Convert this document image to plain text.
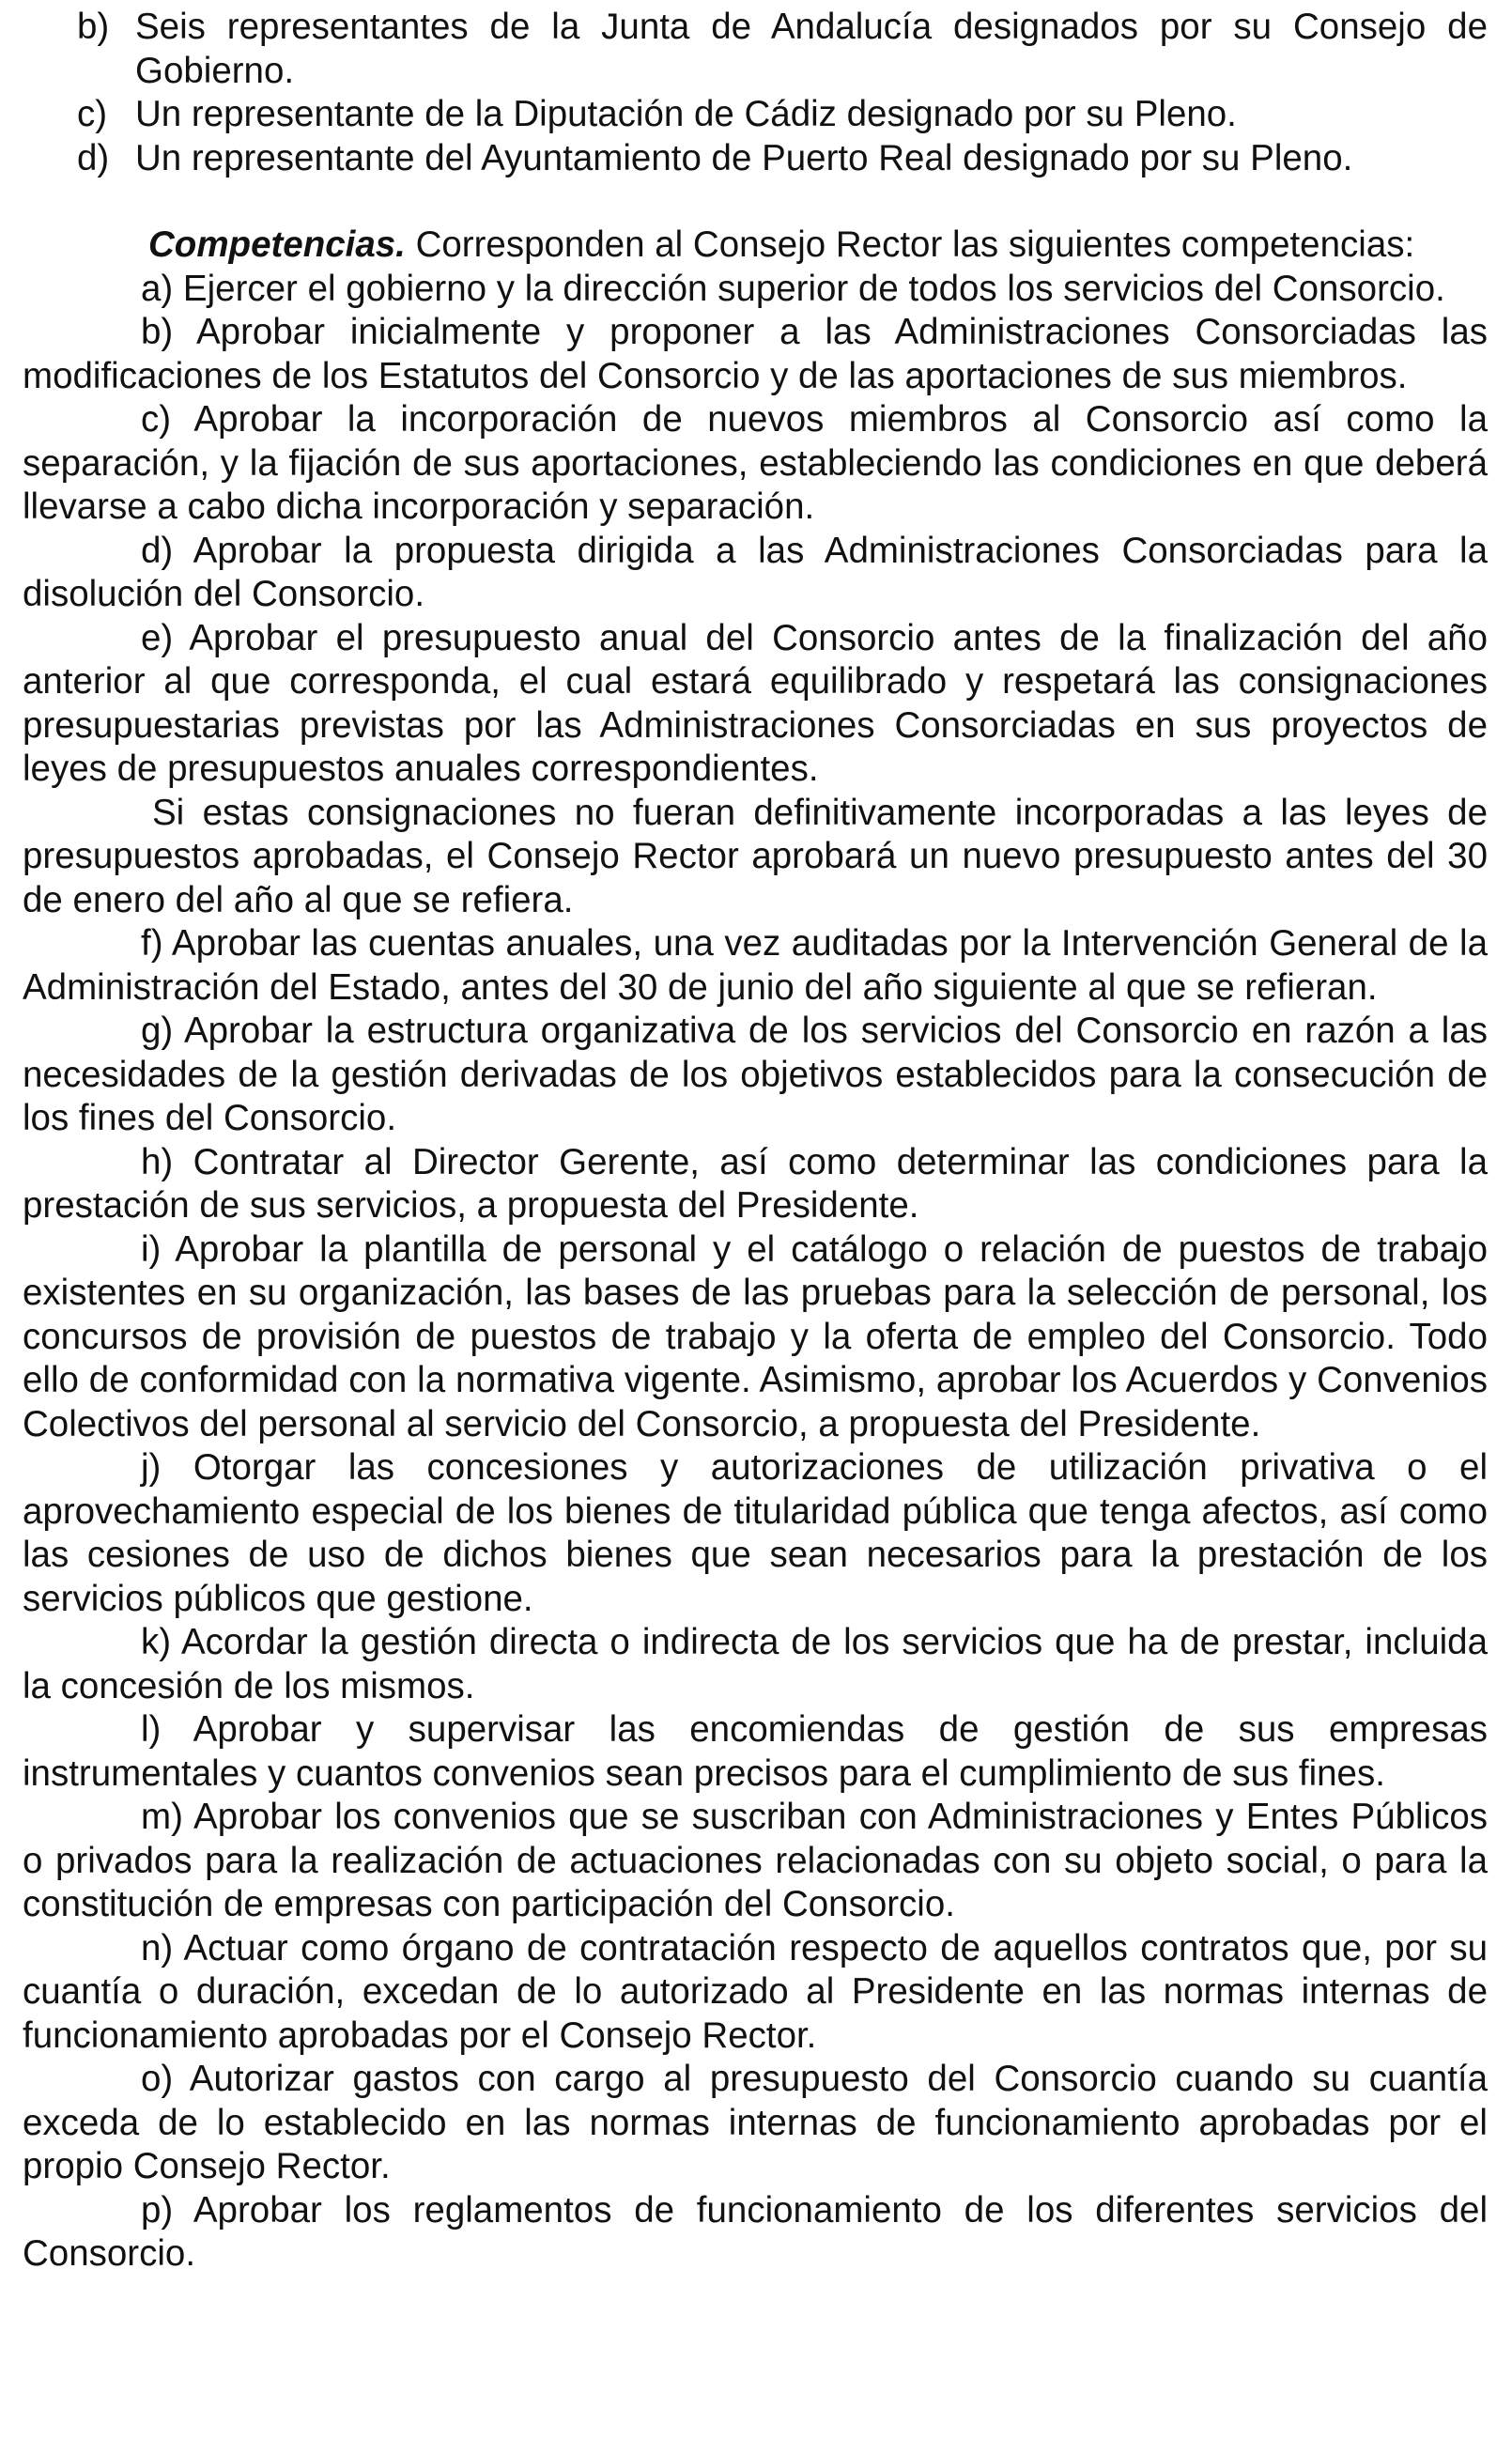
b) Seis representantes de la Junta de Andalucía designados por su Consejo de Gobierno.
c) Un representante de la Diputación de Cádiz designado por su Pleno.
d) Un representante del Ayuntamiento de Puerto Real designado por su Pleno.
Competencias. Corresponden al Consejo Rector las siguientes competencias:
a) Ejercer el gobierno y la dirección superior de todos los servicios del Consorcio.
b) Aprobar inicialmente y proponer a las Administraciones Consorciadas las modificaciones de los Estatutos del Consorcio y de las aportaciones de sus miembros.
c) Aprobar la incorporación de nuevos miembros al Consorcio así como la separación, y la fijación de sus aportaciones, estableciendo las condiciones en que deberá llevarse a cabo dicha incorporación y separación.
d) Aprobar la propuesta dirigida a las Administraciones Consorciadas para la disolución del Consorcio.
e) Aprobar el presupuesto anual del Consorcio antes de la finalización del año anterior al que corresponda, el cual estará equilibrado y respetará las consignaciones presupuestarias previstas por las Administraciones Consorciadas en sus proyectos de leyes de presupuestos anuales correspondientes.
Si estas consignaciones no fueran definitivamente incorporadas a las leyes de presupuestos aprobadas, el Consejo Rector aprobará un nuevo presupuesto antes del 30 de enero del año al que se refiera.
f) Aprobar las cuentas anuales, una vez auditadas por la Intervención General de la Administración del Estado, antes del 30 de junio del año siguiente al que se refieran.
g) Aprobar la estructura organizativa de los servicios del Consorcio en razón a las necesidades de la gestión derivadas de los objetivos establecidos para la consecución de los fines del Consorcio.
h) Contratar al Director Gerente, así como determinar las condiciones para la prestación de sus servicios, a propuesta del Presidente.
i) Aprobar la plantilla de personal y el catálogo o relación de puestos de trabajo existentes en su organización, las bases de las pruebas para la selección de personal, los concursos de provisión de puestos de trabajo y la oferta de empleo del Consorcio. Todo ello de conformidad con la normativa vigente. Asimismo, aprobar los Acuerdos y Convenios Colectivos del personal al servicio del Consorcio, a propuesta del Presidente.
j) Otorgar las concesiones y autorizaciones de utilización privativa o el aprovechamiento especial de los bienes de titularidad pública que tenga afectos, así como las cesiones de uso de dichos bienes que sean necesarios para la prestación de los servicios públicos que gestione.
k) Acordar la gestión directa o indirecta de los servicios que ha de prestar, incluida la concesión de los mismos.
l) Aprobar y supervisar las encomiendas de gestión de sus empresas instrumentales y cuantos convenios sean precisos para el cumplimiento de sus fines.
m) Aprobar los convenios que se suscriban con Administraciones y Entes Públicos o privados para la realización de actuaciones relacionadas con su objeto social, o para la constitución de empresas con participación del Consorcio.
n) Actuar como órgano de contratación respecto de aquellos contratos que, por su cuantía o duración, excedan de lo autorizado al Presidente en las normas internas de funcionamiento aprobadas por el Consejo Rector.
o) Autorizar gastos con cargo al presupuesto del Consorcio cuando su cuantía exceda de lo establecido en las normas internas de funcionamiento aprobadas por el propio Consejo Rector.
p) Aprobar los reglamentos de funcionamiento de los diferentes servicios del Consorcio.
